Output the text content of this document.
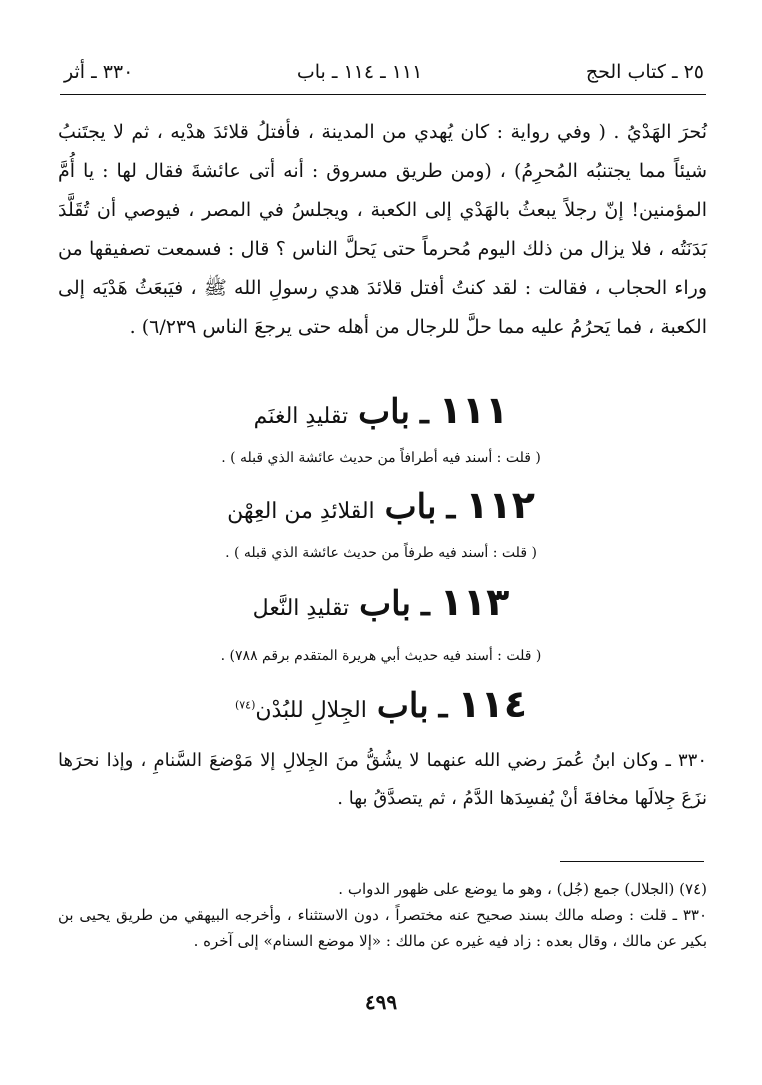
٢٥ ـ كتاب الحج
١١١ ـ ١١٤ ـ باب
٣٣٠ ـ أثر

نُحرَ الهَدْيُ . ( وفي رواية : كان يُهدي من المدينة ، فأفتلُ قلائدَ هدْيه ، ثم لا يجتَنبُ شيئاً مما يجتنبُه المُحرِمُ) ، (ومن طريق مسروق : أنه أتى عائشةَ فقال لها : يا أُمَّ المؤمنين! إنّ رجلاً يبعثُ بالهَدْي إلى الكعبة ، ويجلسُ في المصر ، فيوصي أن تُقَلَّدَ بَدَنَتُه ، فلا يزال من ذلك اليوم مُحرماً حتى يَحلَّ الناس ؟ قال : فسمعت تصفيقها من وراء الحجاب ، فقالت : لقد كنتُ أفتل قلائدَ هدي رسولِ الله ﷺ ، فيَبعَثُ هَدْيَه إلى الكعبة ، فما يَحرُمُ عليه مما حلَّ للرجال من أهله حتى يرجعَ الناس ٦/٢٣٩) .

١١١
ـ
باب
تقليدِ الغنَم
( قلت : أسند فيه أطرافاً من حديث عائشة الذي قبله ) .
١١٢
ـ
باب
القلائدِ من العِهْن
( قلت : أسند فيه طرفاً من حديث عائشة الذي قبله ) .
١١٣
ـ
باب
تقليدِ النَّعل
( قلت : أسند فيه حديث أبي هريرة المتقدم برقم ٧٨٨) .
١١٤
ـ
باب
الجِلالِ للبُدْن$^{(٧٤)}$

٣٣٠ ـ وكان ابنُ عُمرَ رضي الله عنهما لا يشُقُّ منَ الجِلالِ إلا مَوْضعَ السَّنامِ ، وإذا نحرَها نزَعَ جِلالَها مخافةَ أنْ يُفسِدَها الدَّمُ ، ثم يتصدَّقُ بها .

(٧٤) (الجلال) جمع (جُل) ، وهو ما يوضع على ظهور الدواب .

٣٣٠ ـ قلت : وصله مالك بسند صحيح عنه مختصراً ، دون الاستثناء ، وأخرجه البيهقي من طريق يحيى بن بكير عن مالك ، وقال بعده : زاد فيه غيره عن مالك : «إلا موضع السنام» إلى آخره .

٤٩٩
